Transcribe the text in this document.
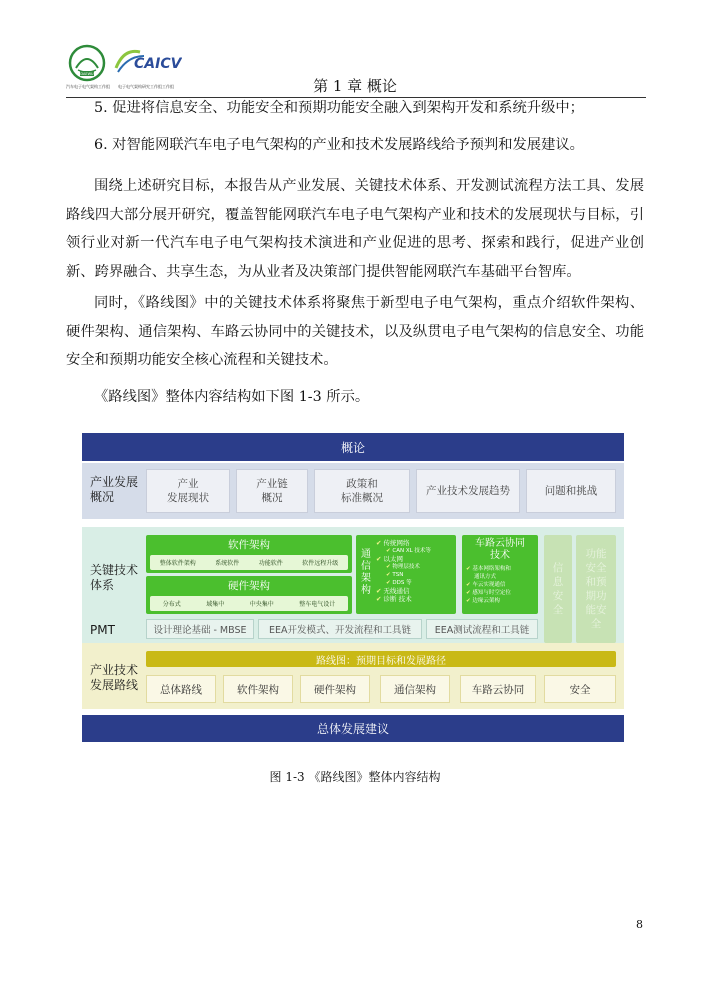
DAEWU
汽车电子电气架构工作组
CAICV
电子电气架构研究工作组工作组	第 1 章 概论
5. 促进将信息安全、功能安全和预期功能安全融入到架构开发和系统升级中；
6. 对智能网联汽车电子电气架构的产业和技术发展路线给予预判和发展建议。
围绕上述研究目标，本报告从产业发展、关键技术体系、开发测试流程方法工具、发展路线四大部分展开研究，覆盖智能网联汽车电子电气架构产业和技术的发展现状与目标，引领行业对新一代汽车电子电气架构技术演进和产业促进的思考、探索和践行，促进产业创新、跨界融合、共享生态，为从业者及决策部门提供智能网联汽车基础平台智库。
同时，《路线图》中的关键技术体系将聚焦于新型电子电气架构，重点介绍软件架构、硬件架构、通信架构、车路云协同中的关键技术，以及纵贯电子电气架构的信息安全、功能安全和预期功能安全核心流程和关键技术。
《路线图》整体内容结构如下图 1-3 所示。
概论
产业发展
概况
产业
发展现状
产业链
概况
政策和
标准概况
产业技术发展趋势	问题和挑战
关键技术
体系
软件架构
整体软件架构	系统软件	功能软件	软件远程升级
硬件架构
分布式	域集中	中央集中	整车电气设计
通
信
架
构
✔ 传统网络
✔ CAN XL 技术等
✔ 以太网
✔ 物理层技术
✔ TSN
✔ DDS 等
✔ 无线通信
✔ 诊断 技术
车路云协同
技术
✔ 基本网络架构和
通讯方式
✔ 车云实现通信
✔ 感知与时空定位
✔ 边缘云架构
信
息
安
全
功能
安全
和预
期功
能安
全
PMT	设计理论基础 - MBSE	EEA开发模式、开发流程和工具链	EEA测试流程和工具链
产业技术
发展路线
路线图：预期目标和发展路径
总体路线	软件架构	硬件架构	通信架构	车路云协同	安全
总体发展建议
图 1-3 《路线图》整体内容结构
8
